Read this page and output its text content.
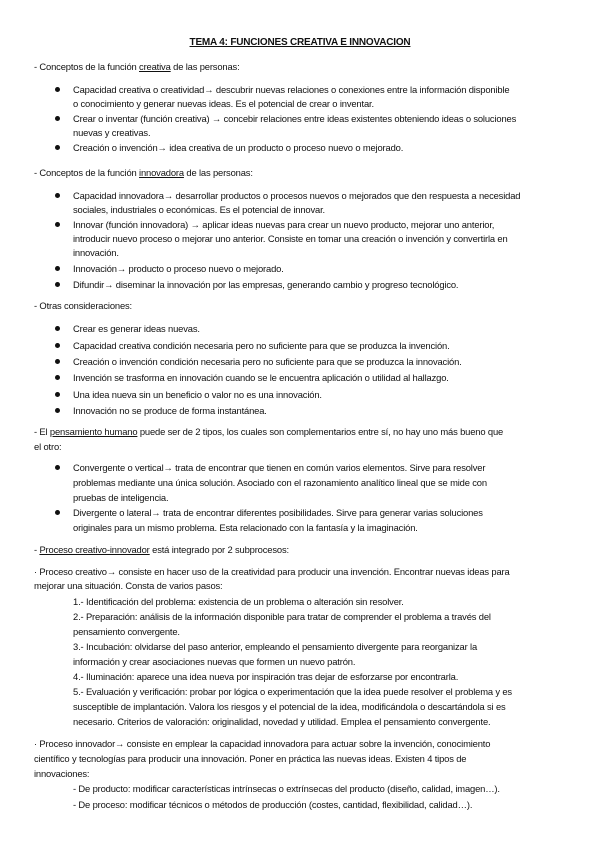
TEMA 4: FUNCIONES CREATIVA E INNOVACION
- Conceptos de la función creativa de las personas:
Capacidad creativa o creatividad→ descubrir nuevas relaciones o conexiones entre la información disponible
o conocimiento y generar nuevas ideas. Es el potencial de crear o inventar.
Crear o inventar (función creativa) → concebir relaciones entre ideas existentes obteniendo ideas o soluciones
nuevas y creativas.
Creación o invención→ idea creativa de un producto o proceso nuevo o mejorado.
- Conceptos de la función innovadora de las personas:
Capacidad innovadora→ desarrollar productos o procesos nuevos o mejorados que den respuesta a necesidad
sociales, industriales o económicas. Es el potencial de innovar.
Innovar (función innovadora) → aplicar ideas nuevas para crear un nuevo producto, mejorar uno anterior,
introducir nuevo proceso o mejorar uno anterior. Consiste en tomar una creación o invención y convertirla en
innovación.
Innovación→ producto o proceso nuevo o mejorado.
Difundir→ diseminar la innovación por las empresas, generando cambio y progreso tecnológico.
- Otras consideraciones:
Crear es generar ideas nuevas.
Capacidad creativa condición necesaria pero no suficiente para que se produzca la invención.
Creación o invención condición necesaria pero no suficiente para que se produzca la innovación.
Invención se trasforma en innovación cuando se le encuentra aplicación o utilidad al hallazgo.
Una idea nueva sin un beneficio o valor no es una innovación.
Innovación no se produce de forma instantánea.
- El pensamiento humano puede ser de 2 tipos, los cuales son complementarios entre sí, no hay uno más bueno que
el otro:
Convergente o vertical→ trata de encontrar que tienen en común varios elementos. Sirve para resolver
problemas mediante una única solución. Asociado con el razonamiento analítico lineal que se mide con
pruebas de inteligencia.
Divergente o lateral→ trata de encontrar diferentes posibilidades. Sirve para generar varias soluciones
originales para un mismo problema. Esta relacionado con la fantasía y la imaginación.
- Proceso creativo-innovador está integrado por 2 subprocesos:
· Proceso creativo→ consiste en hacer uso de la creatividad para producir una invención. Encontrar nuevas ideas para
mejorar una situación. Consta de varios pasos:
1.- Identificación del problema: existencia de un problema o alteración sin resolver.
2.- Preparación: análisis de la información disponible para tratar de comprender el problema a través del
pensamiento convergente.
3.- Incubación: olvidarse del paso anterior, empleando el pensamiento divergente para reorganizar la
información y crear asociaciones nuevas que formen un nuevo patrón.
4.- Iluminación: aparece una idea nueva por inspiración tras dejar de esforzarse por encontrarla.
5.- Evaluación y verificación: probar por lógica o experimentación que la idea puede resolver el problema y es
susceptible de implantación. Valora los riesgos y el potencial de la idea, modificándola o descartándola si es
necesario. Criterios de valoración: originalidad, novedad y utilidad. Emplea el pensamiento convergente.
· Proceso innovador→ consiste en emplear la capacidad innovadora para actuar sobre la invención, conocimiento
científico y tecnologías para producir una innovación. Poner en práctica las nuevas ideas. Existen 4 tipos de
innovaciones:
- De producto: modificar características intrínsecas o extrínsecas del producto (diseño, calidad, imagen…).
- De proceso: modificar técnicos o métodos de producción (costes, cantidad, flexibilidad, calidad…).
